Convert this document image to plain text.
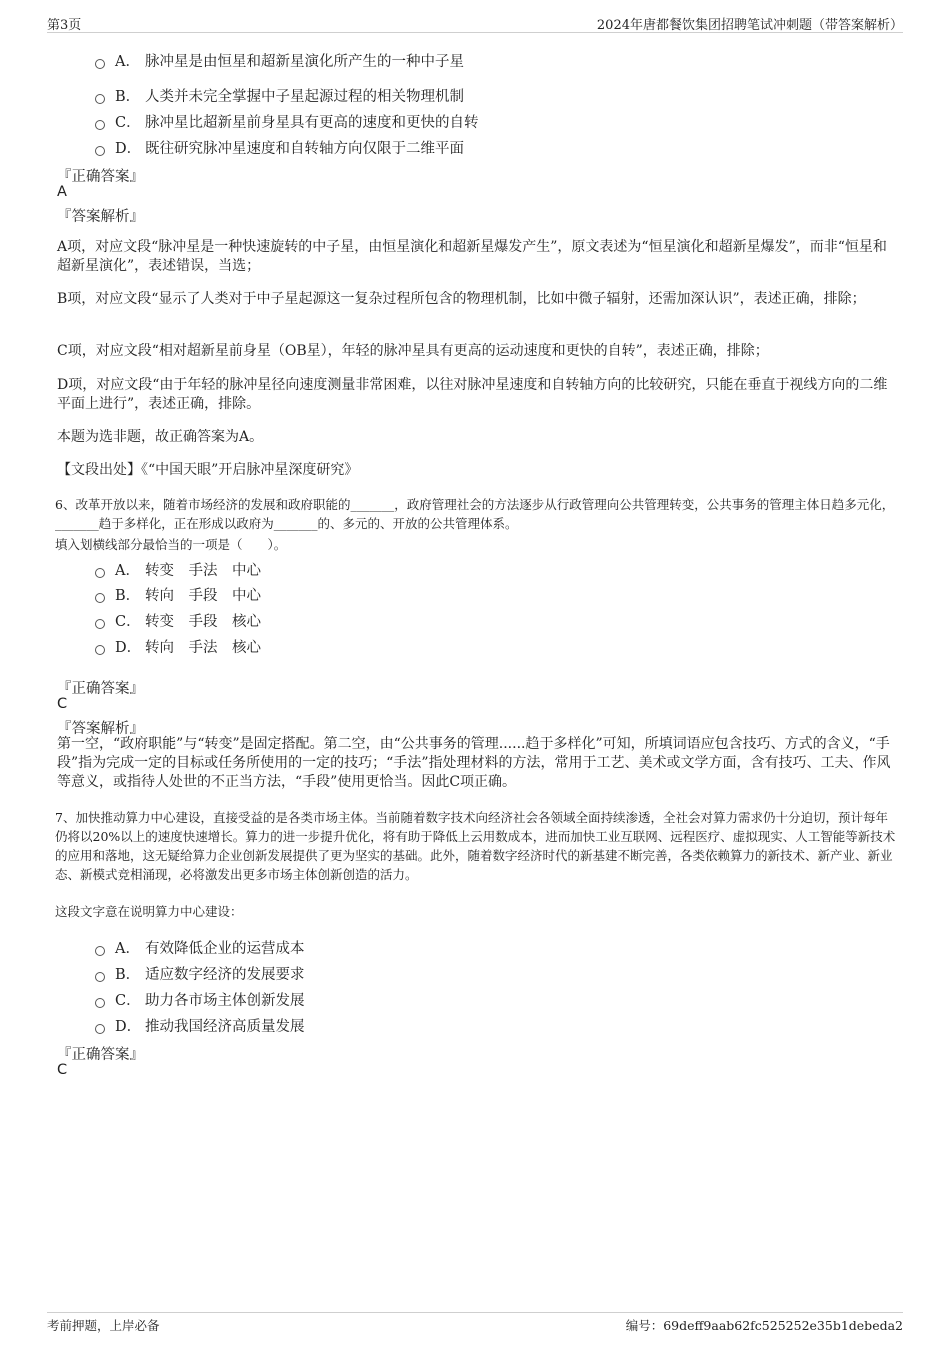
第3页	2024年唐都餐饮集团招聘笔试冲刺题（带答案解析）
A． 脉冲星是由恒星和超新星演化所产生的一种中子星
B． 人类并未完全掌握中子星起源过程的相关物理机制
C． 脉冲星比超新星前身星具有更高的速度和更快的自转
D． 既往研究脉冲星速度和自转轴方向仅限于二维平面
『正确答案』
A
『答案解析』
A项，对应文段“脉冲星是一种快速旋转的中子星，由恒星演化和超新星爆发产生”，原文表述为“恒星演化和超新星爆发”，而非“恒星和超新星演化”，表述错误，当选；
B项，对应文段“显示了人类对于中子星起源这一复杂过程所包含的物理机制，比如中微子辐射，还需加深认识”，表述正确，排除；
C项，对应文段“相对超新星前身星（OB星），年轻的脉冲星具有更高的运动速度和更快的自转”，表述正确，排除；
D项，对应文段“由于年轻的脉冲星径向速度测量非常困难，以往对脉冲星速度和自转轴方向的比较研究，只能在垂直于视线方向的二维平面上进行”，表述正确，排除。
本题为选非题，故正确答案为A。
【文段出处】《“中国天眼”开启脉冲星深度研究》
6、改革开放以来，随着市场经济的发展和政府职能的_______，政府管理社会的方法逐步从行政管理向公共管理转变，公共事务的管理主体日趋多元化，_______趋于多样化，正在形成以政府为_______的、多元的、开放的公共管理体系。
填入划横线部分最恰当的一项是（　　）。
A． 转变　手法　中心
B． 转向　手段　中心
C． 转变　手段　核心
D． 转向　手法　核心
『正确答案』
C
『答案解析』
第一空，“政府职能”与“转变”是固定搭配。第二空，由“公共事务的管理......趋于多样化”可知，所填词语应包含技巧、方式的含义，“手段”指为完成一定的目标或任务所使用的一定的技巧；“手法”指处理材料的方法，常用于工艺、美术或文学方面，含有技巧、工夫、作风等意义，或指待人处世的不正当方法，“手段”使用更恰当。因此C项正确。
7、加快推动算力中心建设，直接受益的是各类市场主体。当前随着数字技术向经济社会各领域全面持续渗透，全社会对算力需求仍十分迫切，预计每年仍将以20%以上的速度快速增长。算力的进一步提升优化，将有助于降低上云用数成本，进而加快工业互联网、远程医疗、虚拟现实、人工智能等新技术的应用和落地，这无疑给算力企业创新发展提供了更为坚实的基础。此外，随着数字经济时代的新基建不断完善，各类依赖算力的新技术、新产业、新业态、新模式竞相涌现，必将激发出更多市场主体创新创造的活力。
这段文字意在说明算力中心建设：
A． 有效降低企业的运营成本
B． 适应数字经济的发展要求
C． 助力各市场主体创新发展
D． 推动我国经济高质量发展
『正确答案』
C
考前押题，上岸必备	编号：69deff9aab62fc525252e35b1debeda2
